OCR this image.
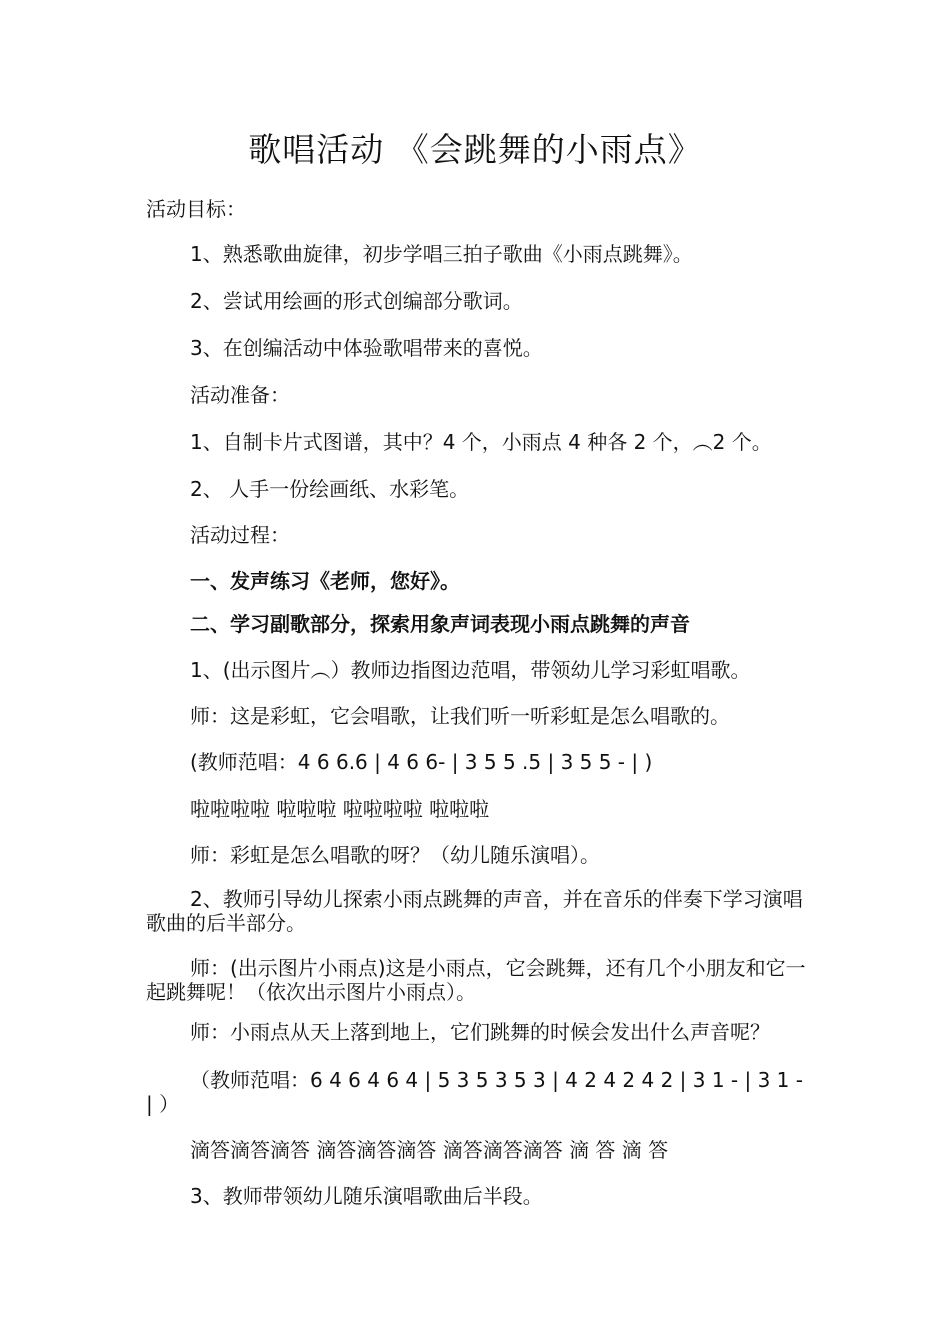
歌唱活动 《会跳舞的小雨点》
活动目标：
1、熟悉歌曲旋律，初步学唱三拍子歌曲《小雨点跳舞》。
2、尝试用绘画的形式创编部分歌词。
3、在创编活动中体验歌唱带来的喜悦。
活动准备：
1、自制卡片式图谱，其中？4 个，小雨点 4 种各 2 个，︵2 个。
2、 人手一份绘画纸、水彩笔。
活动过程：
一、发声练习《老师，您好》。
二、学习副歌部分，探索用象声词表现小雨点跳舞的声音
1、(出示图片︵）教师边指图边范唱，带领幼儿学习彩虹唱歌。
师：这是彩虹，它会唱歌，让我们听一听彩虹是怎么唱歌的。
(教师范唱：4 6 6.6 | 4 6 6- | 3 5 5 .5 | 3 5 5 - | )
啦啦啦啦 啦啦啦 啦啦啦啦 啦啦啦
师：彩虹是怎么唱歌的呀？（幼儿随乐演唱）。
2、教师引导幼儿探索小雨点跳舞的声音，并在音乐的伴奏下学习演唱歌曲的后半部分。
师：(出示图片小雨点)这是小雨点，它会跳舞，还有几个小朋友和它一起跳舞呢！（依次出示图片小雨点）。
师：小雨点从天上落到地上，它们跳舞的时候会发出什么声音呢？
（教师范唱：6 4 6 4 6 4 | 5 3 5 3 5 3 | 4 2 4 2 4 2 | 3 1 - | 3 1 - | ）
滴答滴答滴答 滴答滴答滴答 滴答滴答滴答 滴 答 滴 答
3、教师带领幼儿随乐演唱歌曲后半段。
